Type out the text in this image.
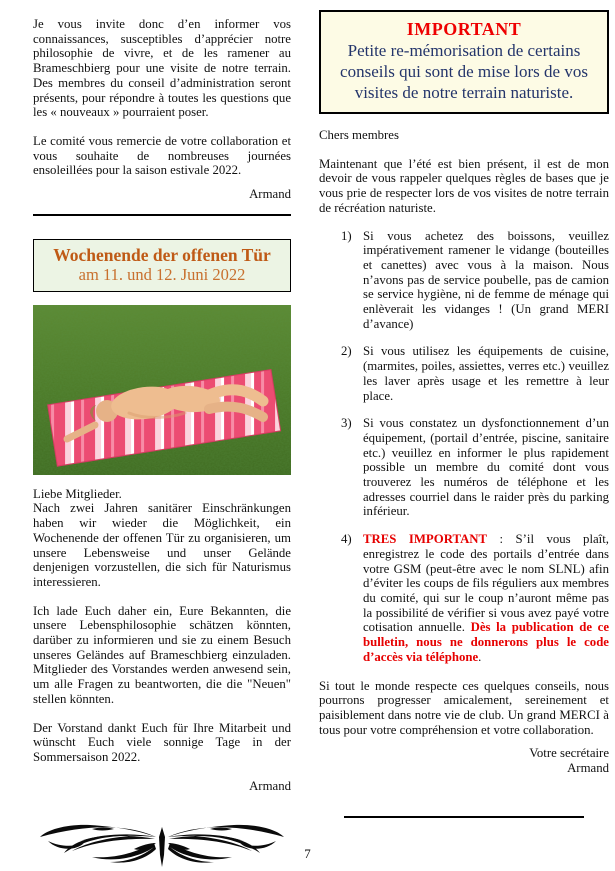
Je vous invite donc d’en informer vos connaissances, susceptibles d’apprécier notre philosophie de vivre, et de les ramener au Brameschbierg pour une visite de notre terrain. Des membres du conseil d’administration seront présents, pour répondre à toutes les questions que les « nouveaux » pourraient poser.

Le comité vous remercie de votre collaboration et vous souhaite de nombreuses journées ensoleillées pour la saison estivale 2022.

Armand

Wochenende der offenen Tür
am 11. und 12. Juni 2022

Liebe Mitglieder.

Nach zwei Jahren sanitärer Einschränkungen haben wir wieder die Möglichkeit, ein Wochenende der offenen Tür zu organisieren, um unsere Lebensweise und unser Gelände denjenigen vorzustellen, die sich für Naturismus interessieren.

Ich lade Euch daher ein, Eure Bekannten, die unsere Lebensphilosophie schätzen könnten, darüber zu informieren und sie zu einem Besuch unseres Geländes auf Brameschbierg einzuladen. Mitglieder des Vorstandes werden anwesend sein, um alle Fragen zu beantworten, die die "Neuen" stellen könnten.

Der Vorstand dankt Euch für Ihre Mitarbeit und wünscht Euch viele sonnige Tage in der Sommersaison 2022.

Armand

IMPORTANT
Petite re-mémorisation de certains conseils qui sont de mise lors de vos visites de notre terrain naturiste.

Chers membres

Maintenant que l’été est bien présent, il est de mon devoir de vous rappeler quelques règles de bases que je vous prie de respecter lors de vos visites de notre terrain de récréation naturiste.

1) Si vous achetez des boissons, veuillez impérativement ramener le vidange (bouteilles et canettes) avec vous à la maison. Nous n’avons pas de service poubelle, pas de camion se service hygiène, ni de femme de ménage qui enlèverait les vidanges ! (Un grand MERI d’avance)
2) Si vous utilisez les équipements de cuisine, (marmites, poiles, assiettes, verres etc.) veuillez les laver après usage et les remettre à leur place.
3) Si vous constatez un dysfonctionnement d’un équipement, (portail d’entrée, piscine, sanitaire etc.) veuillez en informer le plus rapidement possible un membre du comité dont vous trouverez les numéros de téléphone et les adresses courriel dans le raider près du parking inférieur.
4) TRES IMPORTANT : S’il vous plaît, enregistrez le code des portails d’entrée dans votre GSM (peut-être avec le nom SLNL) afin d’éviter les coups de fils réguliers aux membres du comité, qui sur le coup n’auront même pas la possibilité de vérifier si vous avez payé votre cotisation annuelle. Dès la publication de ce bulletin, nous ne donnerons plus le code d’accès via téléphone.

Si tout le monde respecte ces quelques conseils, nous pourrons progresser amicalement, sereinement et paisiblement dans notre vie de club. Un grand MERCI à tous pour votre compréhension et votre collaboration.

Votre secrétaire

Armand

7
